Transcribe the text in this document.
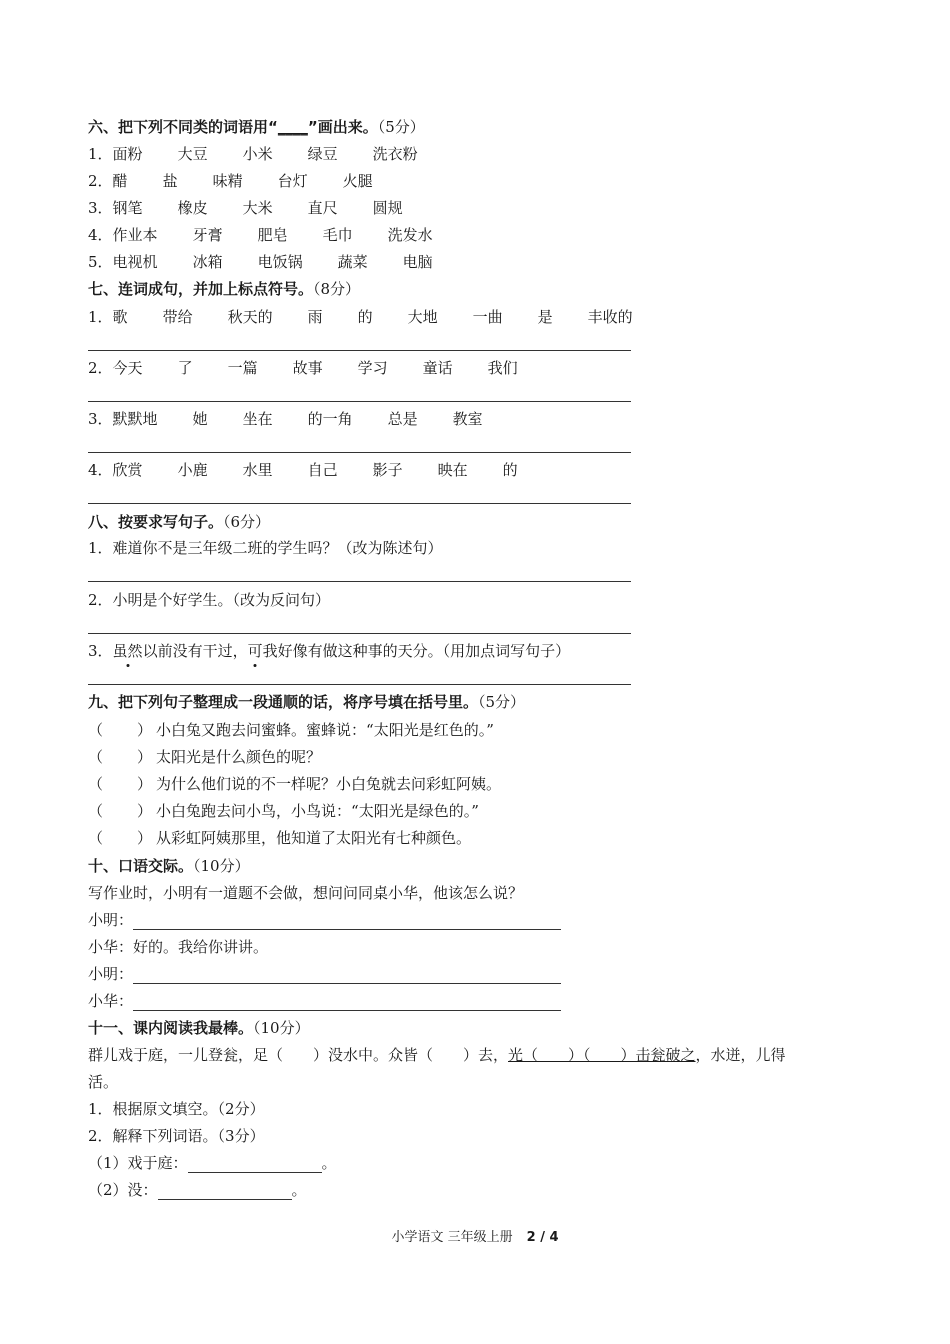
六、把下列不同类的词语用“____”画出来。（5分）
1．面粉 大豆 小米 绿豆 洗衣粉
2．醋 盐 味精 台灯 火腿
3．钢笔 橡皮 大米 直尺 圆规
4．作业本 牙膏 肥皂 毛巾 洗发水
5．电视机 冰箱 电饭锅 蔬菜 电脑
七、连词成句，并加上标点符号。（8分）
1．歌 带给 秋天的 雨 的 大地 一曲 是 丰收的
2．今天 了 一篇 故事 学习 童话 我们
3．默默地 她 坐在 的一角 总是 教室
4．欣赏 小鹿 水里 自己 影子 映在 的
八、按要求写句子。（6分）
1．难道你不是三年级二班的学生吗？（改为陈述句）
2．小明是个好学生。（改为反问句）
3．虽然以前没有干过，可我好像有做这种事的天分。（用加点词写句子）
九、把下列句子整理成一段通顺的话，将序号填在括号里。（5分）
（ ） 小白兔又跑去问蜜蜂。蜜蜂说：“太阳光是红色的。”
（ ） 太阳光是什么颜色的呢？
（ ） 为什么他们说的不一样呢？小白兔就去问彩虹阿姨。
（ ） 小白兔跑去问小鸟，小鸟说：“太阳光是绿色的。”
（ ） 从彩虹阿姨那里，他知道了太阳光有七种颜色。
十、口语交际。（10分）
写作业时，小明有一道题不会做，想问问同桌小华，他该怎么说？
小明：
小华：好的。我给你讲讲。
小明：
小华：
十一、课内阅读我最棒。（10分）
群儿戏于庭，一儿登瓮，足（　　）没水中。众皆（　　）去，光（　　）（　　）击瓮破之，水迸，儿得
活。
1．根据原文填空。（2分）
2．解释下列词语。（3分）
（1）戏于庭：	。
（2）没：	。
小学语文 三年级上册 2 / 4
